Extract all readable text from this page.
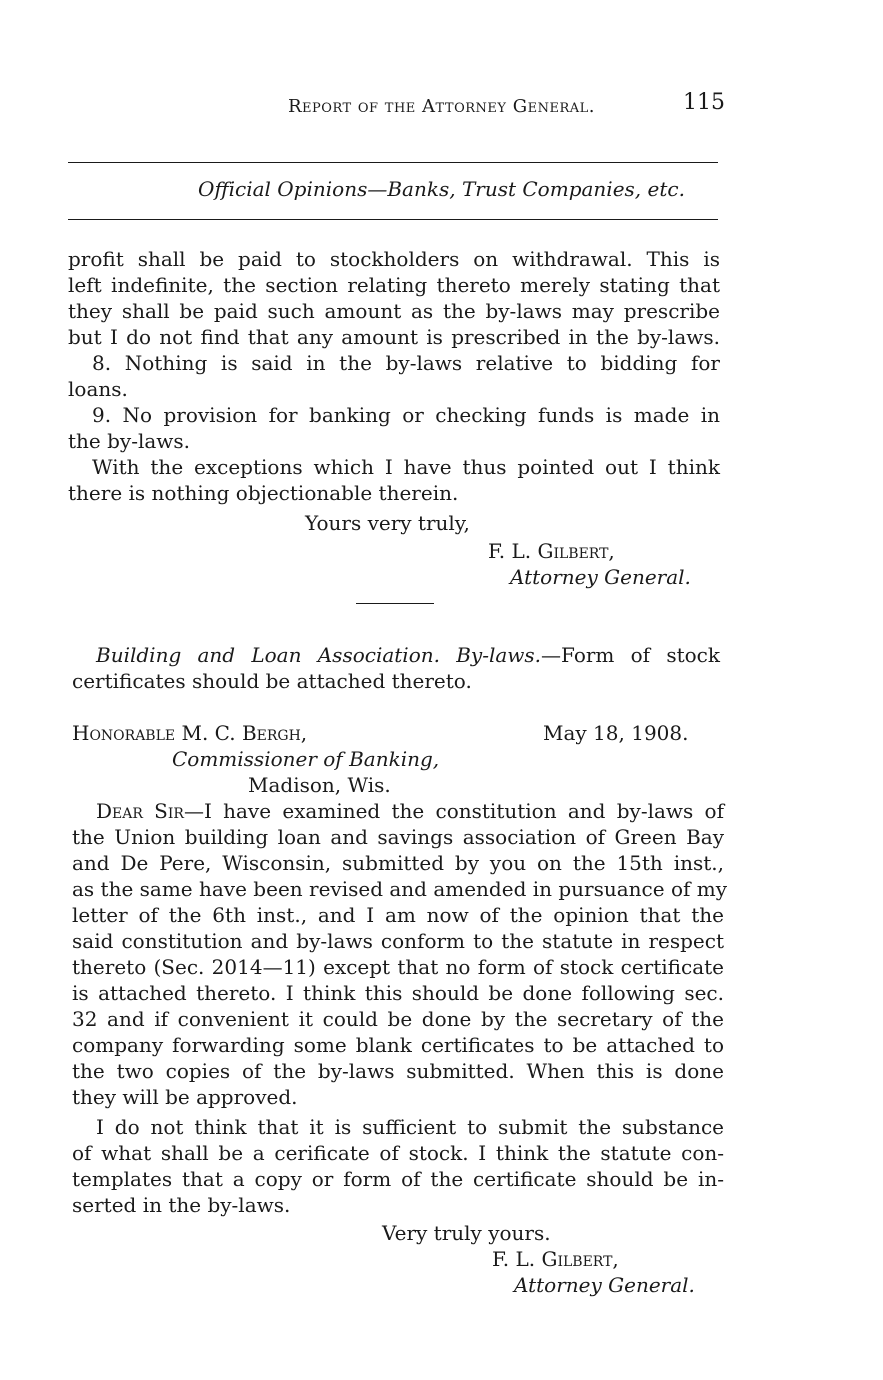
Report of the Attorney General.	115
Official Opinions—Banks, Trust Companies, etc.
profit shall be paid to stockholders on withdrawal. This is
left indefinite, the section relating thereto merely stating that
they shall be paid such amount as the by-laws may prescribe
but I do not find that any amount is prescribed in the by-laws.
8. Nothing is said in the by-laws relative to bidding for
loans.
9. No provision for banking or checking funds is made in
the by-laws.
With the exceptions which I have thus pointed out I think
there is nothing objectionable therein.
Yours very truly,
F. L. Gilbert,
Attorney General.
Building and Loan Association. By-laws.—Form of stock
certificates should be attached thereto.
Honorable M. C. Bergh,	May 18, 1908.
Commissioner of Banking,
Madison, Wis.
Dear Sir—I have examined the constitution and by-laws of
the Union building loan and savings association of Green Bay
and De Pere, Wisconsin, submitted by you on the 15th inst.,
as the same have been revised and amended in pursuance of my
letter of the 6th inst., and I am now of the opinion that the
said constitution and by-laws conform to the statute in respect
thereto (Sec. 2014—11) except that no form of stock certificate
is attached thereto. I think this should be done following sec.
32 and if convenient it could be done by the secretary of the
company forwarding some blank certificates to be attached to
the two copies of the by-laws submitted. When this is done
they will be approved.
I do not think that it is sufficient to submit the substance
of what shall be a cerificate of stock. I think the statute con-
templates that a copy or form of the certificate should be in-
serted in the by-laws.
Very truly yours.
F. L. Gilbert,
Attorney General.
